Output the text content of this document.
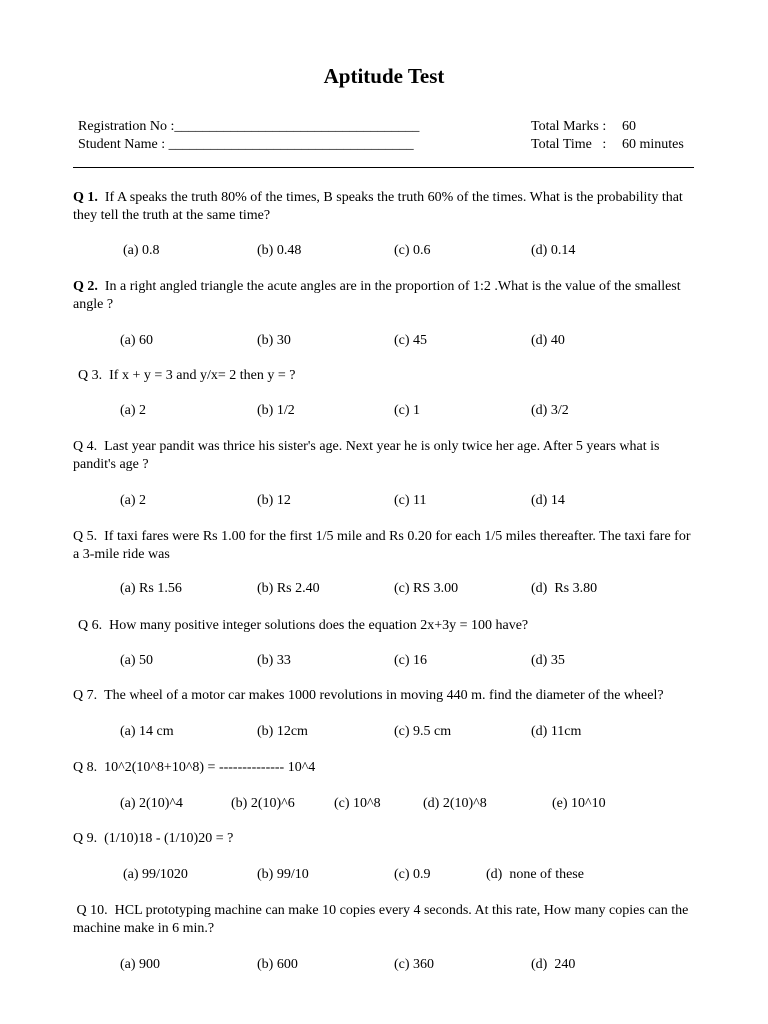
Aptitude Test
Registration No :___________________________________
Student Name : ___________________________________
Total Marks : 60
Total Time   : 60 minutes
Q 1. If A speaks the truth 80% of the times, B speaks the truth 60% of the times. What is the probability that they tell the truth at the same time?
(a) 0.8	(b) 0.48	(c) 0.6	(d) 0.14
Q 2. In a right angled triangle the acute angles are in the proportion of 1:2 .What is the value of the smallest angle ?
(a) 60	(b) 30	(c) 45	(d) 40
Q 3. If x + y = 3 and y/x= 2 then y = ?
(a) 2	(b) 1/2	(c) 1	(d) 3/2
Q 4. Last year pandit was thrice his sister's age. Next year he is only twice her age. After 5 years what is pandit's age ?
(a) 2	(b) 12	(c) 11	(d) 14
Q 5. If taxi fares were Rs 1.00 for the first 1/5 mile and Rs 0.20 for each 1/5 miles thereafter. The taxi fare for a 3-mile ride was
(a) Rs 1.56	(b) Rs 2.40	(c) RS 3.00	(d)  Rs 3.80
Q 6. How many positive integer solutions does the equation 2x+3y = 100 have?
(a) 50	(b) 33	(c) 16	(d) 35
Q 7. The wheel of a motor car makes 1000 revolutions in moving 440 m. find the diameter of the wheel?
(a) 14 cm	(b) 12cm	(c) 9.5 cm	(d) 11cm
Q 8. 10^2(10^8+10^8) = -------------- 10^4
(a) 2(10)^4	(b) 2(10)^6	(c) 10^8	(d) 2(10)^8	(e) 10^10
Q 9. (1/10)18 - (1/10)20 = ?
(a) 99/1020	(b) 99/10	(c) 0.9	(d)  none of these
Q 10. HCL prototyping machine can make 10 copies every 4 seconds. At this rate, How many copies can the machine make in 6 min.?
(a) 900	(b) 600	(c) 360	(d)  240
